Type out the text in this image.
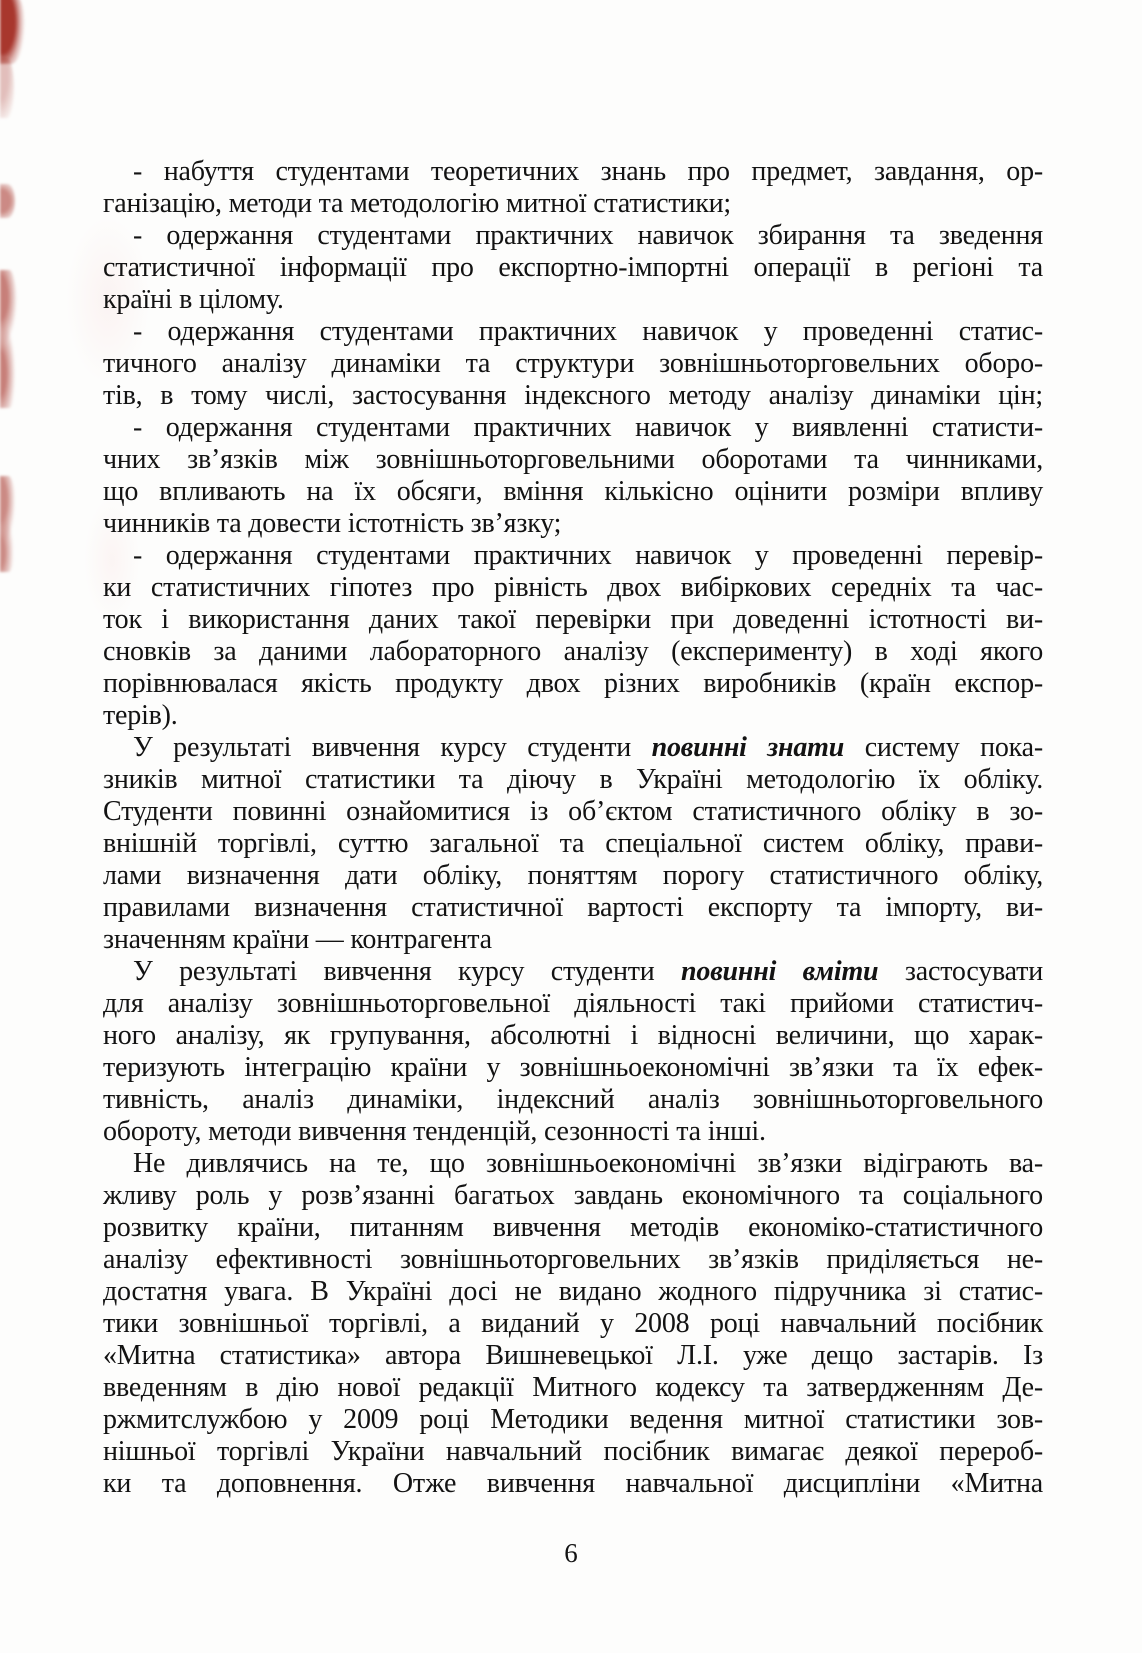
- набуття студентами теоретичних знань про предмет, завдання, ор-
ганізацію, методи та методологію митної статистики;
- одержання студентами практичних навичок збирання та зведення
статистичної інформації про експортно-імпортні операції в регіоні та
країні в цілому.
- одержання студентами практичних навичок у проведенні статис-
тичного аналізу динаміки та структури зовнішньоторговельних оборо-
тів, в тому числі, застосування індексного методу аналізу динаміки цін;
- одержання студентами практичних навичок у виявленні статисти-
чних зв’язків між зовнішньоторговельними оборотами та чинниками,
що впливають на їх обсяги, вміння кількісно оцінити розміри впливу
чинників та довести істотність зв’язку;
- одержання студентами практичних навичок у проведенні перевір-
ки статистичних гіпотез про рівність двох вибіркових середніх та час-
ток і використання даних такої перевірки при доведенні істотності ви-
сновків за даними лабораторного аналізу (експерименту) в ході якого
порівнювалася якість продукту двох різних виробників (країн експор-
терів).
У результаті вивчення курсу студенти повинні знати систему пока-
зників митної статистики та діючу в Україні методологію їх обліку.
Студенти повинні ознайомитися із об’єктом статистичного обліку в зо-
внішній торгівлі, суттю загальної та спеціальної систем обліку, прави-
лами визначення дати обліку, поняттям порогу статистичного обліку,
правилами визначення статистичної вартості експорту та імпорту, ви-
значенням країни — контрагента
У результаті вивчення курсу студенти повинні вміти застосувати
для аналізу зовнішньоторговельної діяльності такі прийоми статистич-
ного аналізу, як групування, абсолютні і відносні величини, що харак-
теризують інтеграцію країни у зовнішньоекономічні зв’язки та їх ефек-
тивність, аналіз динаміки, індексний аналіз зовнішньоторговельного
обороту, методи вивчення тенденцій, сезонності та інші.
Не дивлячись на те, що зовнішньоекономічні зв’язки відіграють ва-
жливу роль у розв’язанні багатьох завдань економічного та соціального
розвитку країни, питанням вивчення методів економіко-статистичного
аналізу ефективності зовнішньоторговельних зв’язків приділяється не-
достатня увага. В Україні досі не видано жодного підручника зі статис-
тики зовнішньої торгівлі, а виданий у 2008 році навчальний посібник
«Митна статистика» автора Вишневецької Л.І. уже дещо застарів. Із
введенням в дію нової редакції Митного кодексу та затвердженням Де-
ржмитслужбою у 2009 році Методики ведення митної статистики зов-
нішньої торгівлі України навчальний посібник вимагає деякої перероб-
ки та доповнення. Отже вивчення навчальної дисципліни «Митна
6
